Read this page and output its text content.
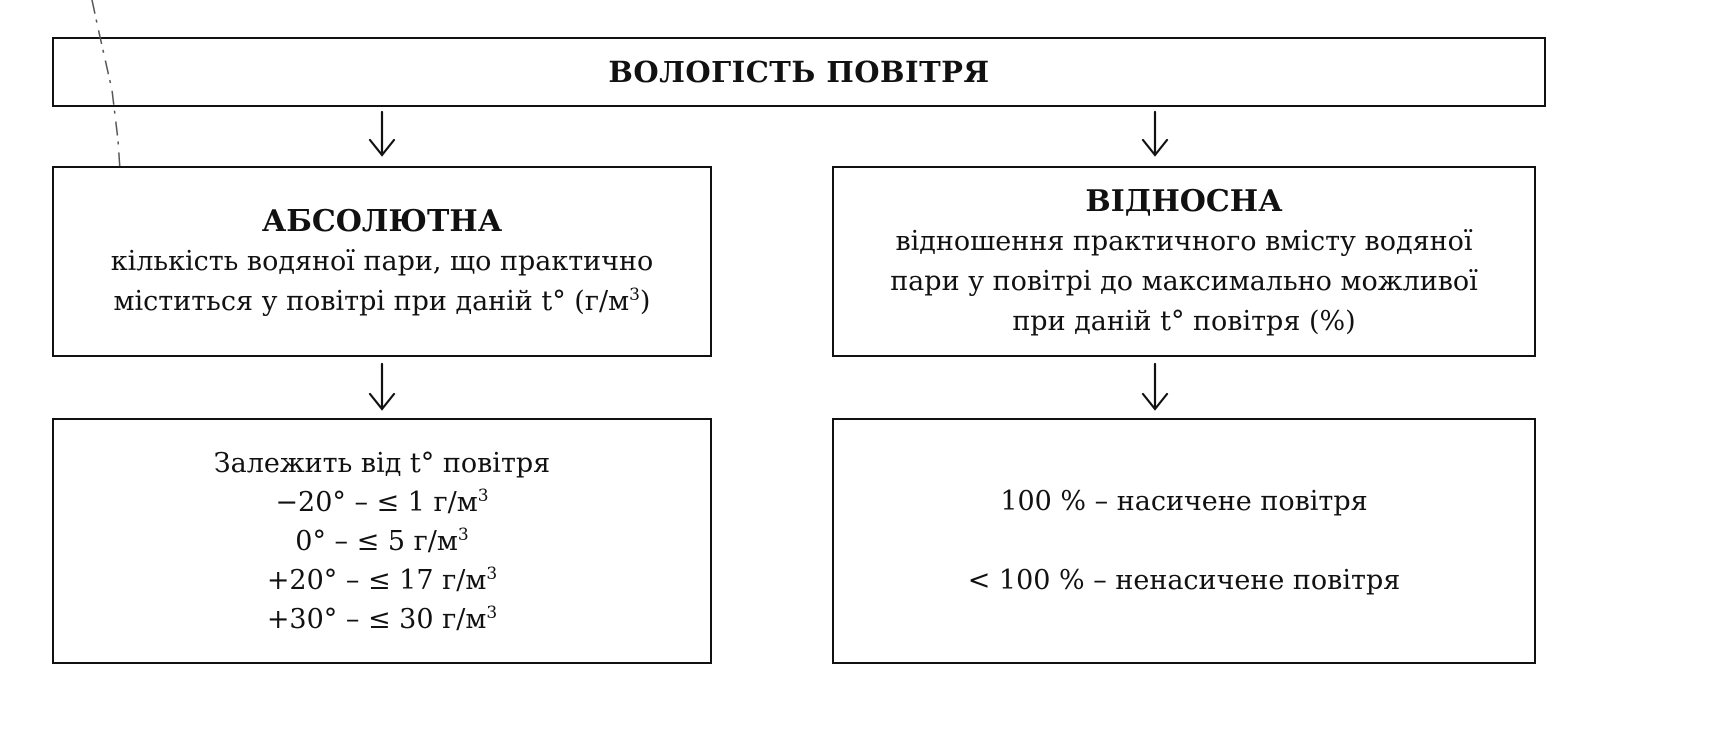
ВОЛОГІСТЬ ПОВІТРЯ
АБСОЛЮТНА
кількість водяної пари, що практично
міститься у повітрі при даній t° $(г/м^3)$
ВІДНОСНА
відношення практичного вмісту водяної
пари у повітрі до максимально можливої
при даній t° повітря (%)
Залежить від t° повітря
−20° – ≤ 1 $г/м^3$
0° – ≤ 5 $г/м^3$
+20° – ≤ 17 $г/м^3$
+30° – ≤ 30 $г/м^3$
100 % – насичене повітря
< 100 % – ненасичене повітря
